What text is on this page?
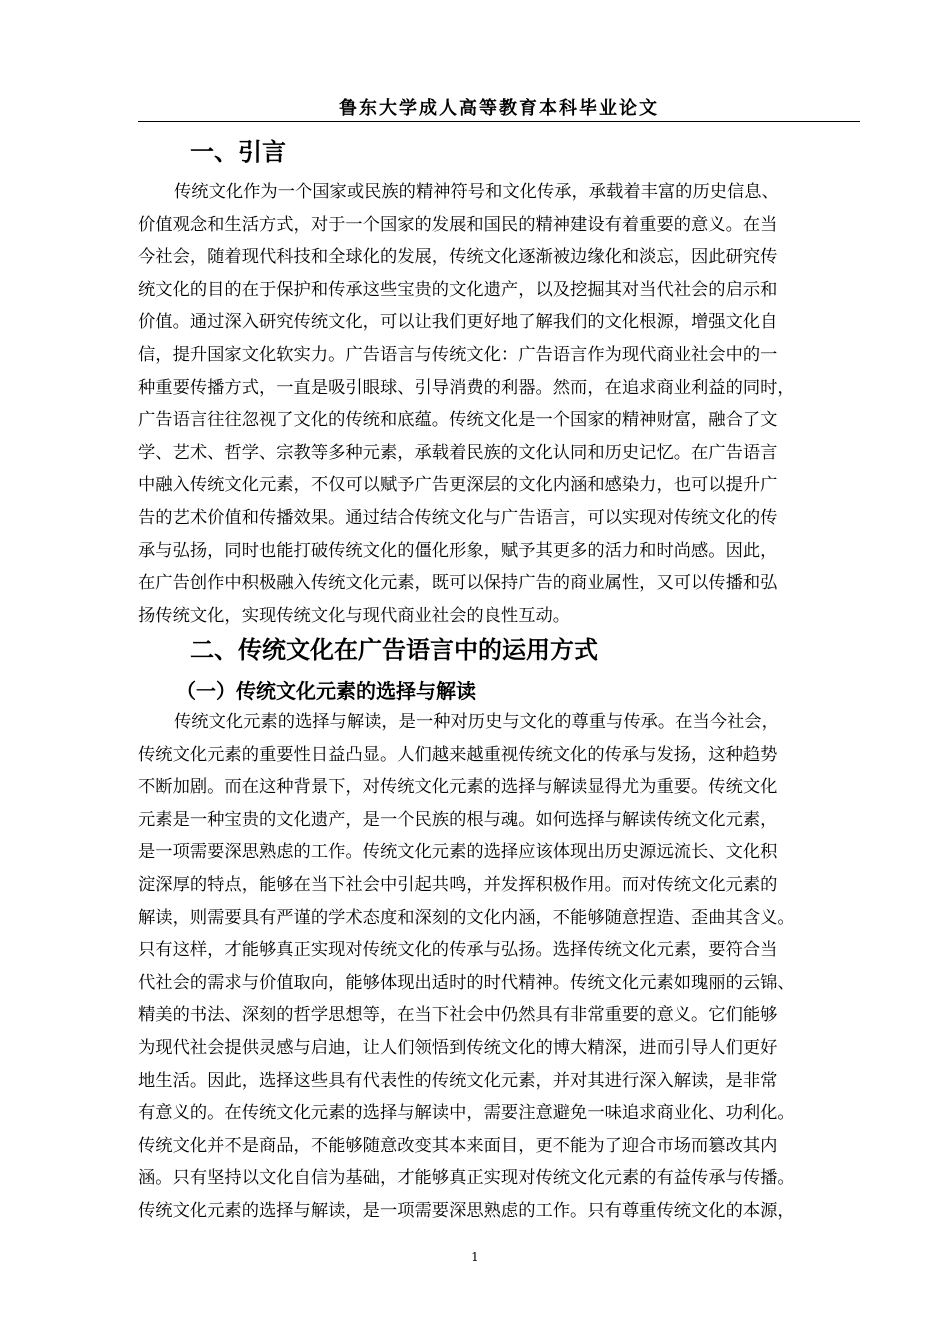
鲁东大学成人高等教育本科毕业论文
一、引言
传统文化作为一个国家或民族的精神符号和文化传承，承载着丰富的历史信息、
价值观念和生活方式，对于一个国家的发展和国民的精神建设有着重要的意义。在当
今社会，随着现代科技和全球化的发展，传统文化逐渐被边缘化和淡忘，因此研究传
统文化的目的在于保护和传承这些宝贵的文化遗产，以及挖掘其对当代社会的启示和
价值。通过深入研究传统文化，可以让我们更好地了解我们的文化根源，增强文化自
信，提升国家文化软实力。广告语言与传统文化：广告语言作为现代商业社会中的一
种重要传播方式，一直是吸引眼球、引导消费的利器。然而，在追求商业利益的同时，
广告语言往往忽视了文化的传统和底蕴。传统文化是一个国家的精神财富，融合了文
学、艺术、哲学、宗教等多种元素，承载着民族的文化认同和历史记忆。在广告语言
中融入传统文化元素，不仅可以赋予广告更深层的文化内涵和感染力，也可以提升广
告的艺术价值和传播效果。通过结合传统文化与广告语言，可以实现对传统文化的传
承与弘扬，同时也能打破传统文化的僵化形象，赋予其更多的活力和时尚感。因此，
在广告创作中积极融入传统文化元素，既可以保持广告的商业属性，又可以传播和弘
扬传统文化，实现传统文化与现代商业社会的良性互动。
二、传统文化在广告语言中的运用方式
（一）传统文化元素的选择与解读
传统文化元素的选择与解读，是一种对历史与文化的尊重与传承。在当今社会，
传统文化元素的重要性日益凸显。人们越来越重视传统文化的传承与发扬，这种趋势
不断加剧。而在这种背景下，对传统文化元素的选择与解读显得尤为重要。传统文化
元素是一种宝贵的文化遗产，是一个民族的根与魂。如何选择与解读传统文化元素，
是一项需要深思熟虑的工作。传统文化元素的选择应该体现出历史源远流长、文化积
淀深厚的特点，能够在当下社会中引起共鸣，并发挥积极作用。而对传统文化元素的
解读，则需要具有严谨的学术态度和深刻的文化内涵，不能够随意捏造、歪曲其含义。
只有这样，才能够真正实现对传统文化的传承与弘扬。选择传统文化元素，要符合当
代社会的需求与价值取向，能够体现出适时的时代精神。传统文化元素如瑰丽的云锦、
精美的书法、深刻的哲学思想等，在当下社会中仍然具有非常重要的意义。它们能够
为现代社会提供灵感与启迪，让人们领悟到传统文化的博大精深，进而引导人们更好
地生活。因此，选择这些具有代表性的传统文化元素，并对其进行深入解读，是非常
有意义的。在传统文化元素的选择与解读中，需要注意避免一味追求商业化、功利化。
传统文化并不是商品，不能够随意改变其本来面目，更不能为了迎合市场而篡改其内
涵。只有坚持以文化自信为基础，才能够真正实现对传统文化元素的有益传承与传播。
传统文化元素的选择与解读，是一项需要深思熟虑的工作。只有尊重传统文化的本源，
1
